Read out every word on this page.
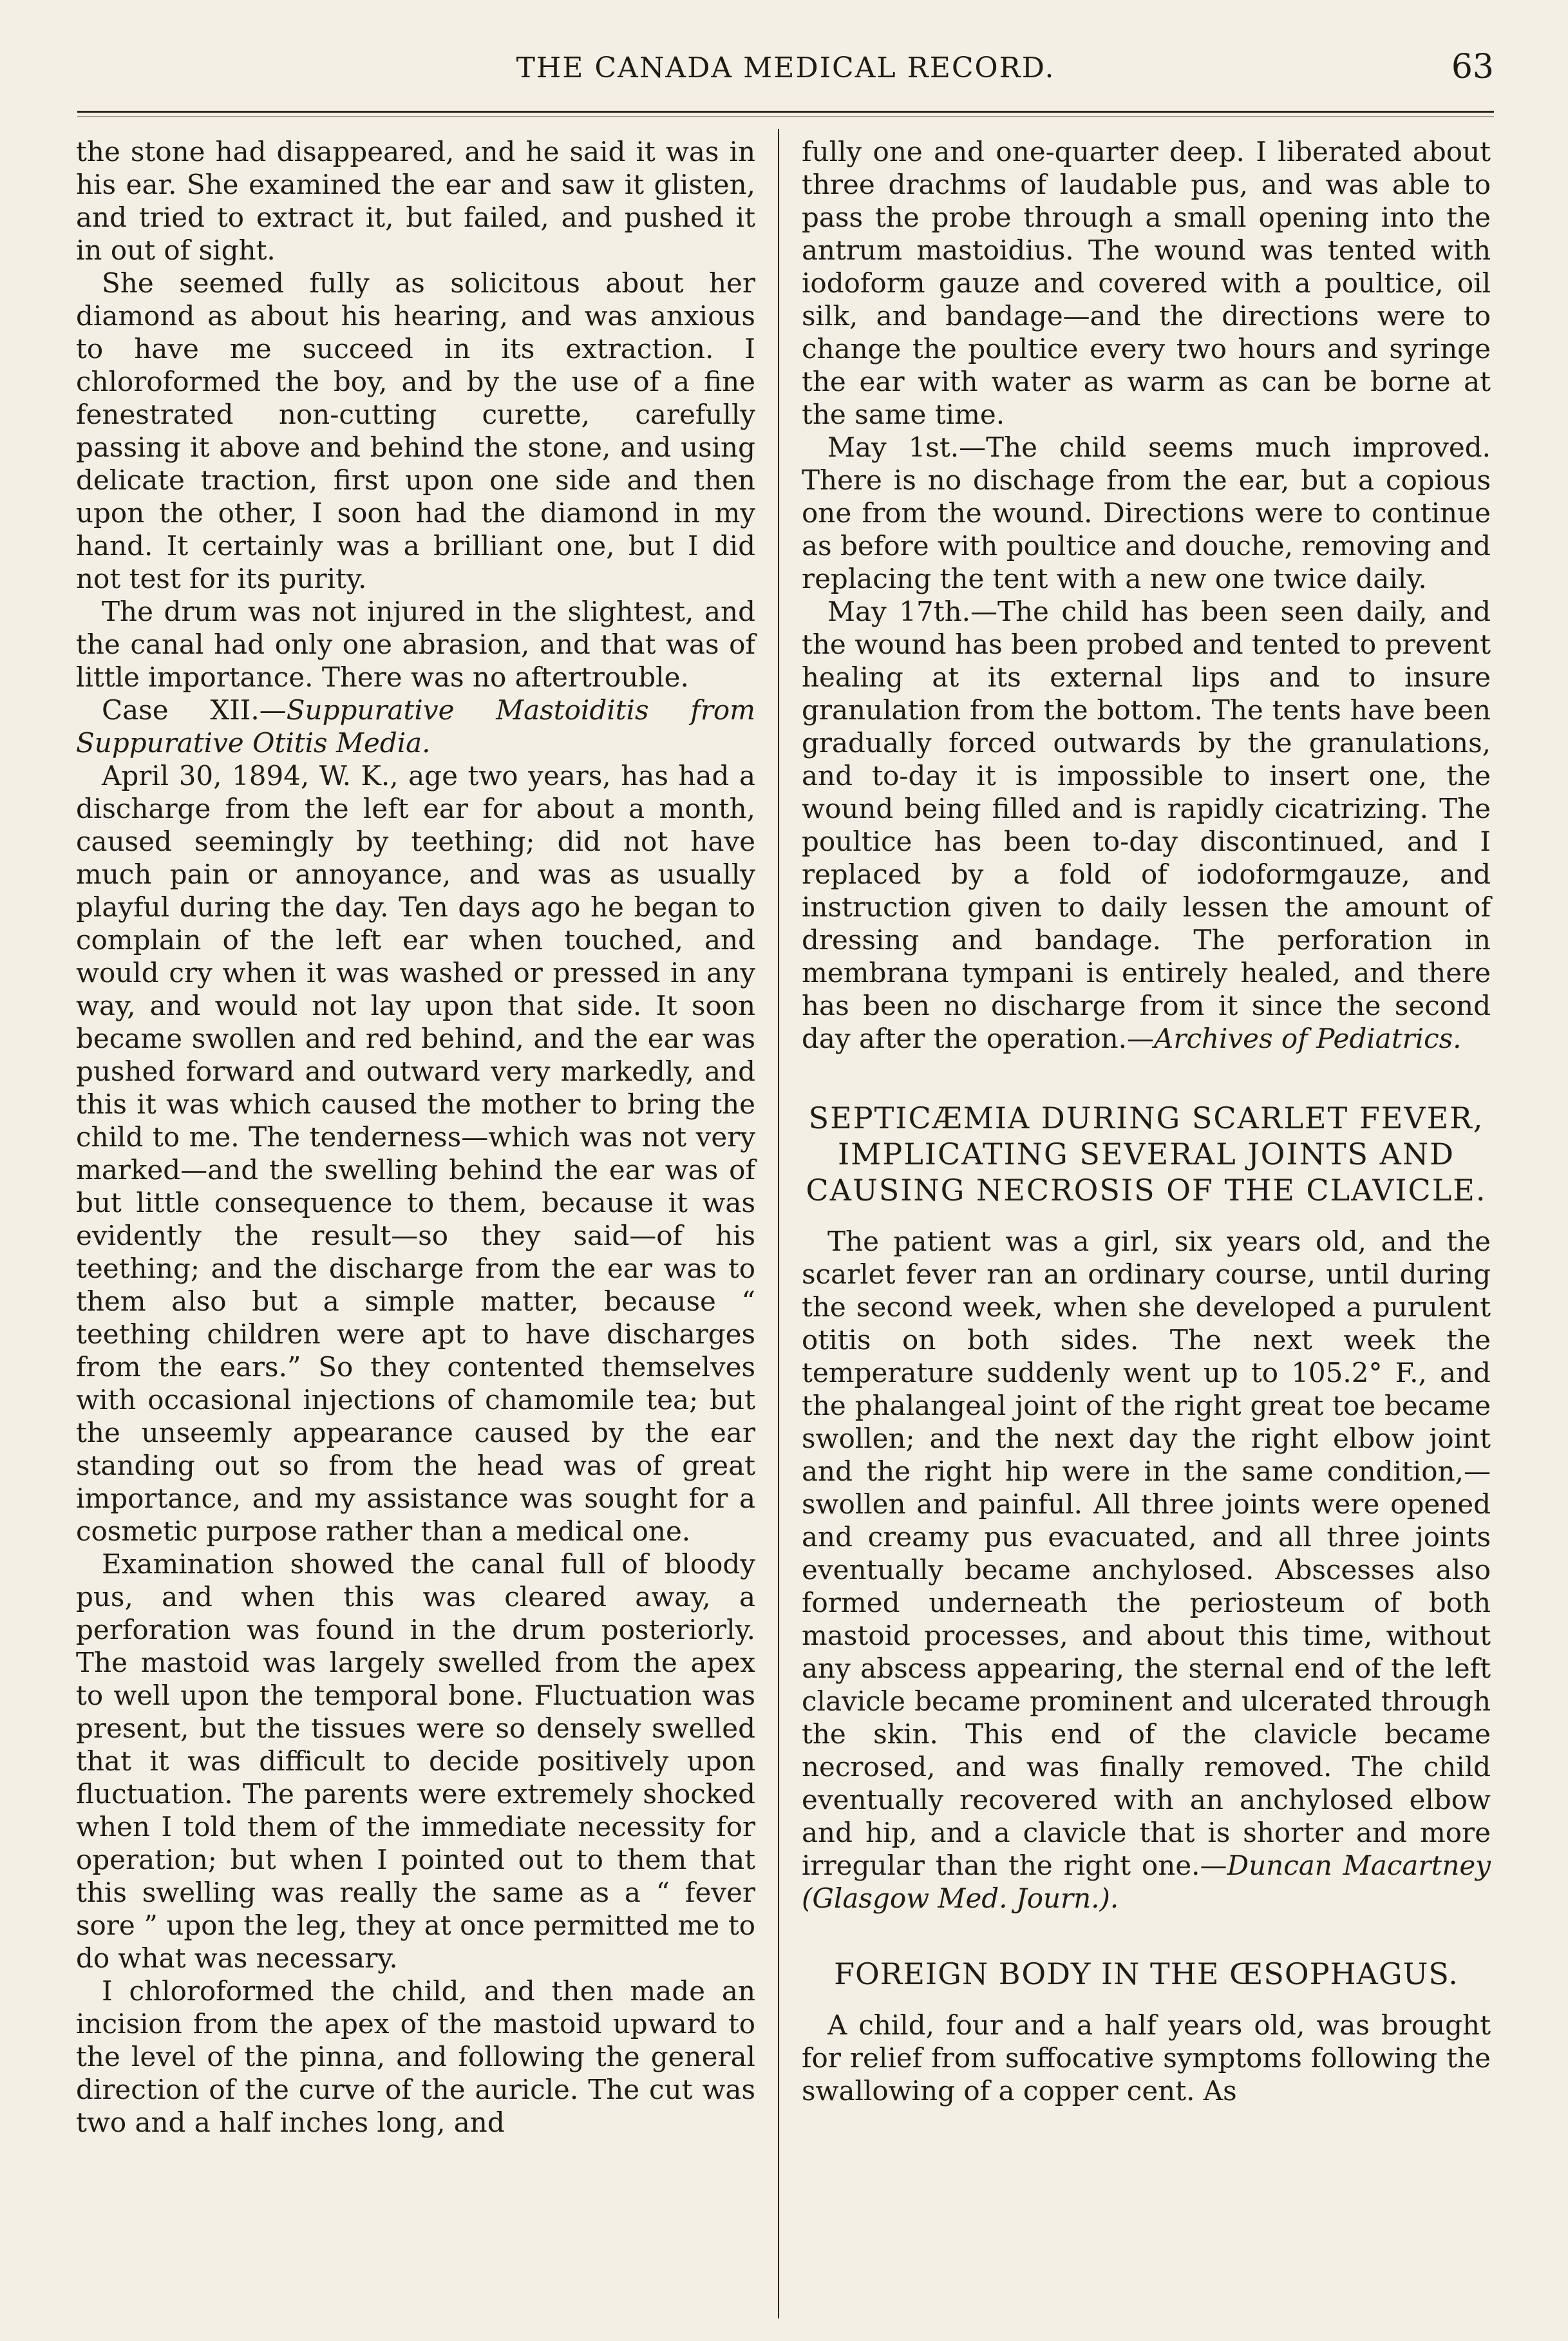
THE CANADA MEDICAL RECORD.	63

the stone had disappeared, and he said it was in his ear. She examined the ear and saw it glisten, and tried to extract it, but failed, and pushed it in out of sight.

She seemed fully as solicitous about her diamond as about his hearing, and was anxious to have me succeed in its extraction. I chloroformed the boy, and by the use of a fine fenestrated non-cutting curette, carefully passing it above and behind the stone, and using delicate traction, first upon one side and then upon the other, I soon had the diamond in my hand. It certainly was a brilliant one, but I did not test for its purity.

The drum was not injured in the slightest, and the canal had only one abrasion, and that was of little importance. There was no aftertrouble.

Case XII.—Suppurative Mastoiditis from Suppurative Otitis Media.

April 30, 1894, W. K., age two years, has had a discharge from the left ear for about a month, caused seemingly by teething; did not have much pain or annoyance, and was as usually playful during the day. Ten days ago he began to complain of the left ear when touched, and would cry when it was washed or pressed in any way, and would not lay upon that side. It soon became swollen and red behind, and the ear was pushed forward and outward very markedly, and this it was which caused the mother to bring the child to me. The tenderness—which was not very marked—and the swelling behind the ear was of but little consequence to them, because it was evidently the result—so they said—of his teething; and the discharge from the ear was to them also but a simple matter, because “ teething children were apt to have discharges from the ears.” So they contented themselves with occasional injections of chamomile tea; but the unseemly appearance caused by the ear standing out so from the head was of great importance, and my assistance was sought for a cosmetic purpose rather than a medical one.

Examination showed the canal full of bloody pus, and when this was cleared away, a perforation was found in the drum posteriorly. The mastoid was largely swelled from the apex to well upon the temporal bone. Fluctuation was present, but the tissues were so densely swelled that it was difficult to decide positively upon fluctuation. The parents were extremely shocked when I told them of the immediate necessity for operation; but when I pointed out to them that this swelling was really the same as a “ fever sore ” upon the leg, they at once permitted me to do what was necessary.

I chloroformed the child, and then made an incision from the apex of the mastoid upward to the level of the pinna, and following the general direction of the curve of the auricle. The cut was two and a half inches long, and

fully one and one-quarter deep. I liberated about three drachms of laudable pus, and was able to pass the probe through a small opening into the antrum mastoidius. The wound was tented with iodoform gauze and covered with a poultice, oil silk, and bandage—and the directions were to change the poultice every two hours and syringe the ear with water as warm as can be borne at the same time.

May 1st.—The child seems much improved. There is no dischage from the ear, but a copious one from the wound. Directions were to continue as before with poultice and douche, removing and replacing the tent with a new one twice daily.

May 17th.—The child has been seen daily, and the wound has been probed and tented to prevent healing at its external lips and to insure granulation from the bottom. The tents have been gradually forced outwards by the granulations, and to-day it is impossible to insert one, the wound being filled and is rapidly cicatrizing. The poultice has been to-day discontinued, and I replaced by a fold of iodoformgauze, and instruction given to daily lessen the amount of dressing and bandage. The perforation in membrana tympani is entirely healed, and there has been no discharge from it since the second day after the operation.—Archives of Pediatrics.

SEPTICÆMIA DURING SCARLET FEVER, IMPLICATING SEVERAL JOINTS AND CAUSING NECROSIS OF THE CLAVICLE.

The patient was a girl, six years old, and the scarlet fever ran an ordinary course, until during the second week, when she developed a purulent otitis on both sides. The next week the temperature suddenly went up to 105.2° F., and the phalangeal joint of the right great toe became swollen; and the next day the right elbow joint and the right hip were in the same condition,—swollen and painful. All three joints were opened and creamy pus evacuated, and all three joints eventually became anchylosed. Abscesses also formed underneath the periosteum of both mastoid processes, and about this time, without any abscess appearing, the sternal end of the left clavicle became prominent and ulcerated through the skin. This end of the clavicle became necrosed, and was finally removed. The child eventually recovered with an anchylosed elbow and hip, and a clavicle that is shorter and more irregular than the right one.—Duncan Macartney (Glasgow Med. Journ.).

FOREIGN BODY IN THE ŒSOPHAGUS.

A child, four and a half years old, was brought for relief from suffocative symptoms following the swallowing of a copper cent. As
